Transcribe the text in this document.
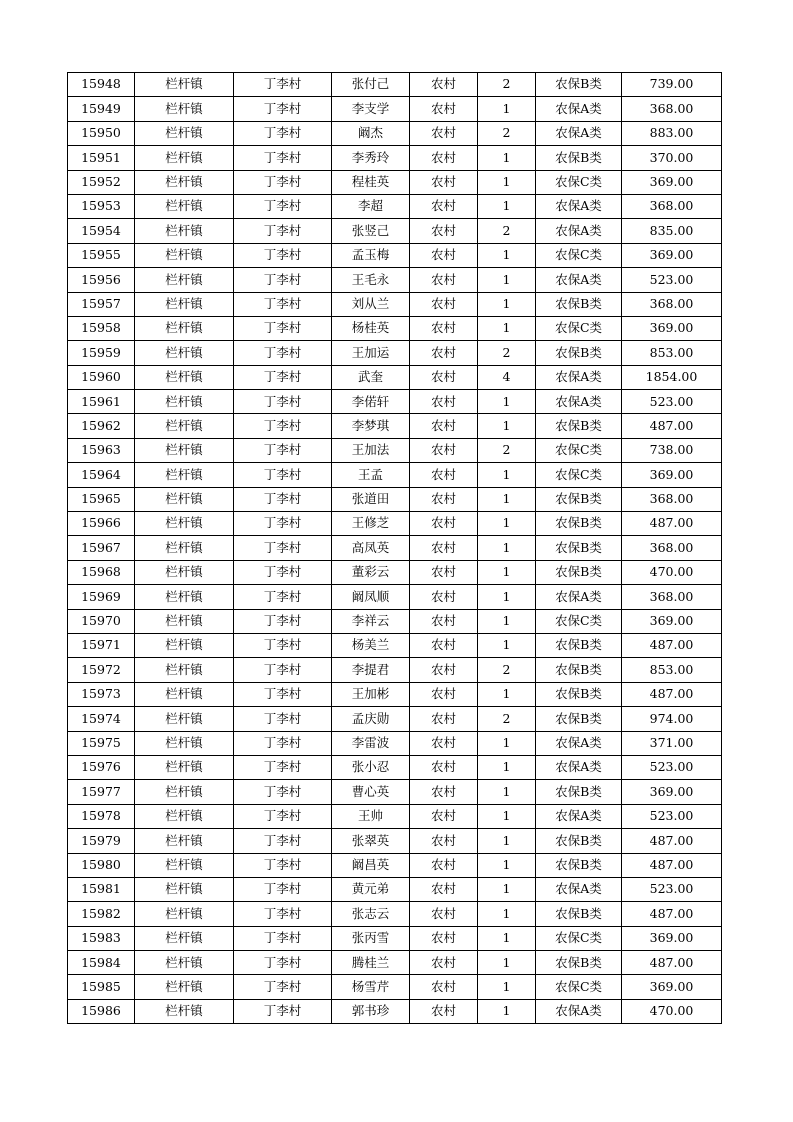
15948	栏杆镇	丁李村	张付己	农村	2	农保B类	739.00
15949	栏杆镇	丁李村	李支学	农村	1	农保A类	368.00
15950	栏杆镇	丁李村	阚杰	农村	2	农保A类	883.00
15951	栏杆镇	丁李村	李秀玲	农村	1	农保B类	370.00
15952	栏杆镇	丁李村	程桂英	农村	1	农保C类	369.00
15953	栏杆镇	丁李村	李超	农村	1	农保A类	368.00
15954	栏杆镇	丁李村	张竖己	农村	2	农保A类	835.00
15955	栏杆镇	丁李村	孟玉梅	农村	1	农保C类	369.00
15956	栏杆镇	丁李村	王毛永	农村	1	农保A类	523.00
15957	栏杆镇	丁李村	刘从兰	农村	1	农保B类	368.00
15958	栏杆镇	丁李村	杨桂英	农村	1	农保C类	369.00
15959	栏杆镇	丁李村	王加运	农村	2	农保B类	853.00
15960	栏杆镇	丁李村	武奎	农村	4	农保A类	1854.00
15961	栏杆镇	丁李村	李偌轩	农村	1	农保A类	523.00
15962	栏杆镇	丁李村	李梦琪	农村	1	农保B类	487.00
15963	栏杆镇	丁李村	王加法	农村	2	农保C类	738.00
15964	栏杆镇	丁李村	王孟	农村	1	农保C类	369.00
15965	栏杆镇	丁李村	张道田	农村	1	农保B类	368.00
15966	栏杆镇	丁李村	王修芝	农村	1	农保B类	487.00
15967	栏杆镇	丁李村	高凤英	农村	1	农保B类	368.00
15968	栏杆镇	丁李村	董彩云	农村	1	农保B类	470.00
15969	栏杆镇	丁李村	阚凤顺	农村	1	农保A类	368.00
15970	栏杆镇	丁李村	李祥云	农村	1	农保C类	369.00
15971	栏杆镇	丁李村	杨美兰	农村	1	农保B类	487.00
15972	栏杆镇	丁李村	李提君	农村	2	农保B类	853.00
15973	栏杆镇	丁李村	王加彬	农村	1	农保B类	487.00
15974	栏杆镇	丁李村	孟庆勋	农村	2	农保B类	974.00
15975	栏杆镇	丁李村	李雷波	农村	1	农保A类	371.00
15976	栏杆镇	丁李村	张小忍	农村	1	农保A类	523.00
15977	栏杆镇	丁李村	曹心英	农村	1	农保B类	369.00
15978	栏杆镇	丁李村	王帅	农村	1	农保A类	523.00
15979	栏杆镇	丁李村	张翠英	农村	1	农保B类	487.00
15980	栏杆镇	丁李村	阚昌英	农村	1	农保B类	487.00
15981	栏杆镇	丁李村	黄元弟	农村	1	农保A类	523.00
15982	栏杆镇	丁李村	张志云	农村	1	农保B类	487.00
15983	栏杆镇	丁李村	张丙雪	农村	1	农保C类	369.00
15984	栏杆镇	丁李村	腾桂兰	农村	1	农保B类	487.00
15985	栏杆镇	丁李村	杨雪芹	农村	1	农保C类	369.00
15986	栏杆镇	丁李村	郭书珍	农村	1	农保A类	470.00
